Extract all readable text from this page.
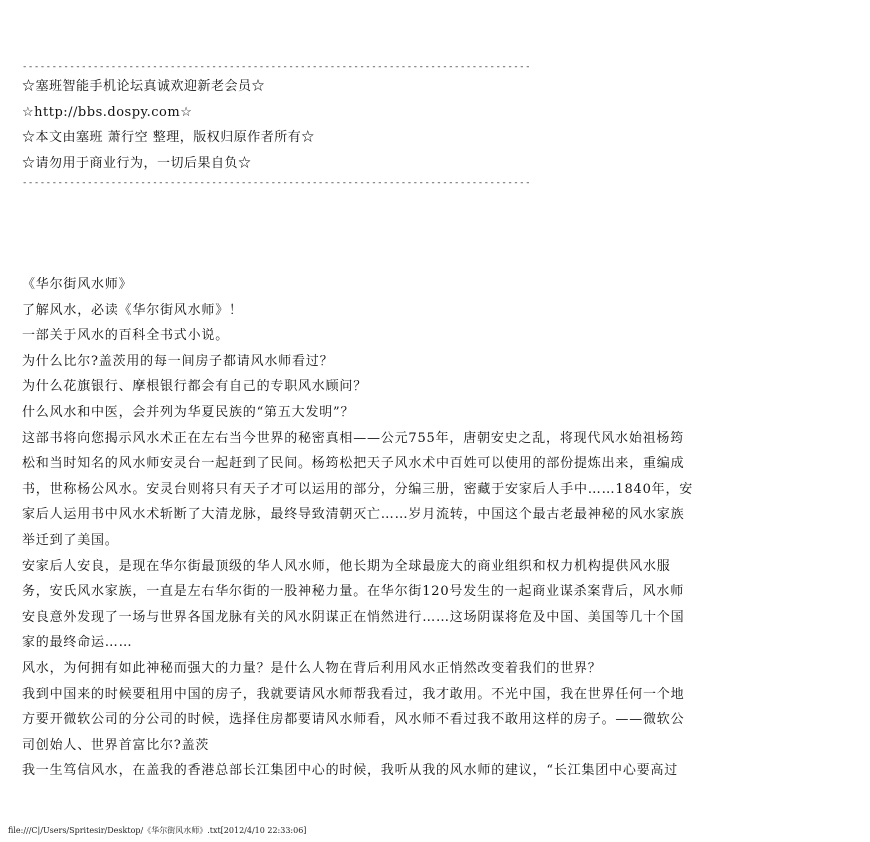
--------------------------------------------------------------------------------------
☆塞班智能手机论坛真诚欢迎新老会员☆
☆http://bbs.dospy.com☆
☆本文由塞班 萧行空 整理，版权归原作者所有☆
☆请勿用于商业行为，一切后果自负☆
--------------------------------------------------------------------------------------
《华尔街风水师》
了解风水，必读《华尔街风水师》！
一部关于风水的百科全书式小说。
为什么比尔?盖茨用的每一间房子都请风水师看过？
为什么花旗银行、摩根银行都会有自己的专职风水顾问？
什么风水和中医，会并列为华夏民族的“第五大发明”？
这部书将向您揭示风水术正在左右当今世界的秘密真相——公元755年，唐朝安史之乱，将现代风水始祖杨筠
松和当时知名的风水师安灵台一起赶到了民间。杨筠松把天子风水术中百姓可以使用的部份提炼出来，重编成
书，世称杨公风水。安灵台则将只有天子才可以运用的部分，分编三册，密藏于安家后人手中……1840年，安
家后人运用书中风水术斩断了大清龙脉，最终导致清朝灭亡……岁月流转，中国这个最古老最神秘的风水家族
举迁到了美国。
安家后人安良，是现在华尔街最顶级的华人风水师，他长期为全球最庞大的商业组织和权力机构提供风水服
务，安氏风水家族，一直是左右华尔街的一股神秘力量。在华尔街120号发生的一起商业谋杀案背后，风水师
安良意外发现了一场与世界各国龙脉有关的风水阴谋正在悄然进行……这场阴谋将危及中国、美国等几十个国
家的最终命运……
风水，为何拥有如此神秘而强大的力量？是什么人物在背后利用风水正悄然改变着我们的世界？
我到中国来的时候要租用中国的房子，我就要请风水师帮我看过，我才敢用。不光中国，我在世界任何一个地
方要开微软公司的分公司的时候，选择住房都要请风水师看，风水师不看过我不敢用这样的房子。——微软公
司创始人、世界首富比尔?盖茨
我一生笃信风水，在盖我的香港总部长江集团中心的时候，我听从我的风水师的建议，“长江集团中心要高过
file:///C|/Users/Spritesir/Desktop/《华尔街风水师》.txt[2012/4/10 22:33:06]
